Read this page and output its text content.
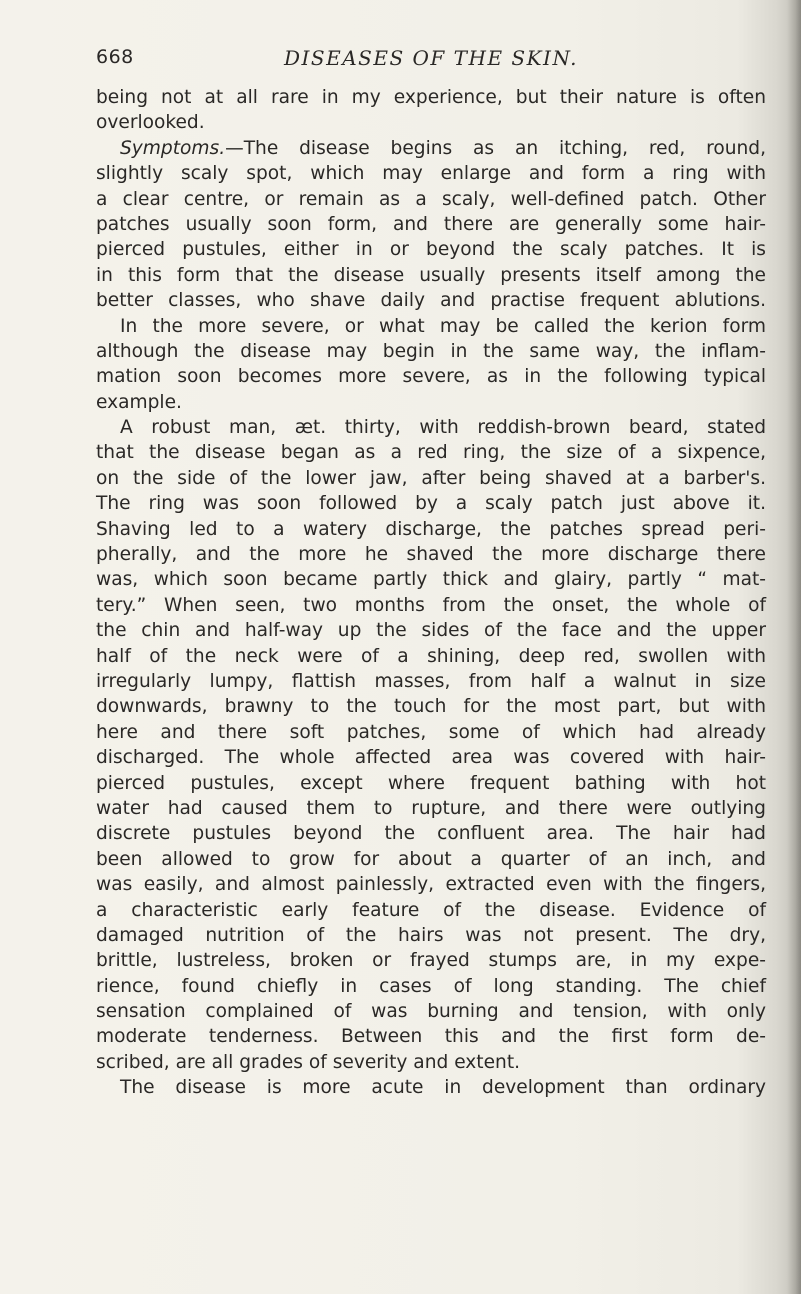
668	DISEASES OF THE SKIN.
being not at all rare in my experience, but their nature is often
overlooked.
Symptoms.—The disease begins as an itching, red, round,
slightly scaly spot, which may enlarge and form a ring with
a clear centre, or remain as a scaly, well-defined patch. Other
patches usually soon form, and there are generally some hair-
pierced pustules, either in or beyond the scaly patches. It is
in this form that the disease usually presents itself among the
better classes, who shave daily and practise frequent ablutions.
In the more severe, or what may be called the kerion form
although the disease may begin in the same way, the inflam-
mation soon becomes more severe, as in the following typical
example.
A robust man, æt. thirty, with reddish-brown beard, stated
that the disease began as a red ring, the size of a sixpence,
on the side of the lower jaw, after being shaved at a barber's.
The ring was soon followed by a scaly patch just above it.
Shaving led to a watery discharge, the patches spread peri-
pherally, and the more he shaved the more discharge there
was, which soon became partly thick and glairy, partly “ mat-
tery.” When seen, two months from the onset, the whole of
the chin and half-way up the sides of the face and the upper
half of the neck were of a shining, deep red, swollen with
irregularly lumpy, flattish masses, from half a walnut in size
downwards, brawny to the touch for the most part, but with
here and there soft patches, some of which had already
discharged. The whole affected area was covered with hair-
pierced pustules, except where frequent bathing with hot
water had caused them to rupture, and there were outlying
discrete pustules beyond the confluent area. The hair had
been allowed to grow for about a quarter of an inch, and
was easily, and almost painlessly, extracted even with the fingers,
a characteristic early feature of the disease. Evidence of
damaged nutrition of the hairs was not present. The dry,
brittle, lustreless, broken or frayed stumps are, in my expe-
rience, found chiefly in cases of long standing. The chief
sensation complained of was burning and tension, with only
moderate tenderness. Between this and the first form de-
scribed, are all grades of severity and extent.
The disease is more acute in development than ordinary
